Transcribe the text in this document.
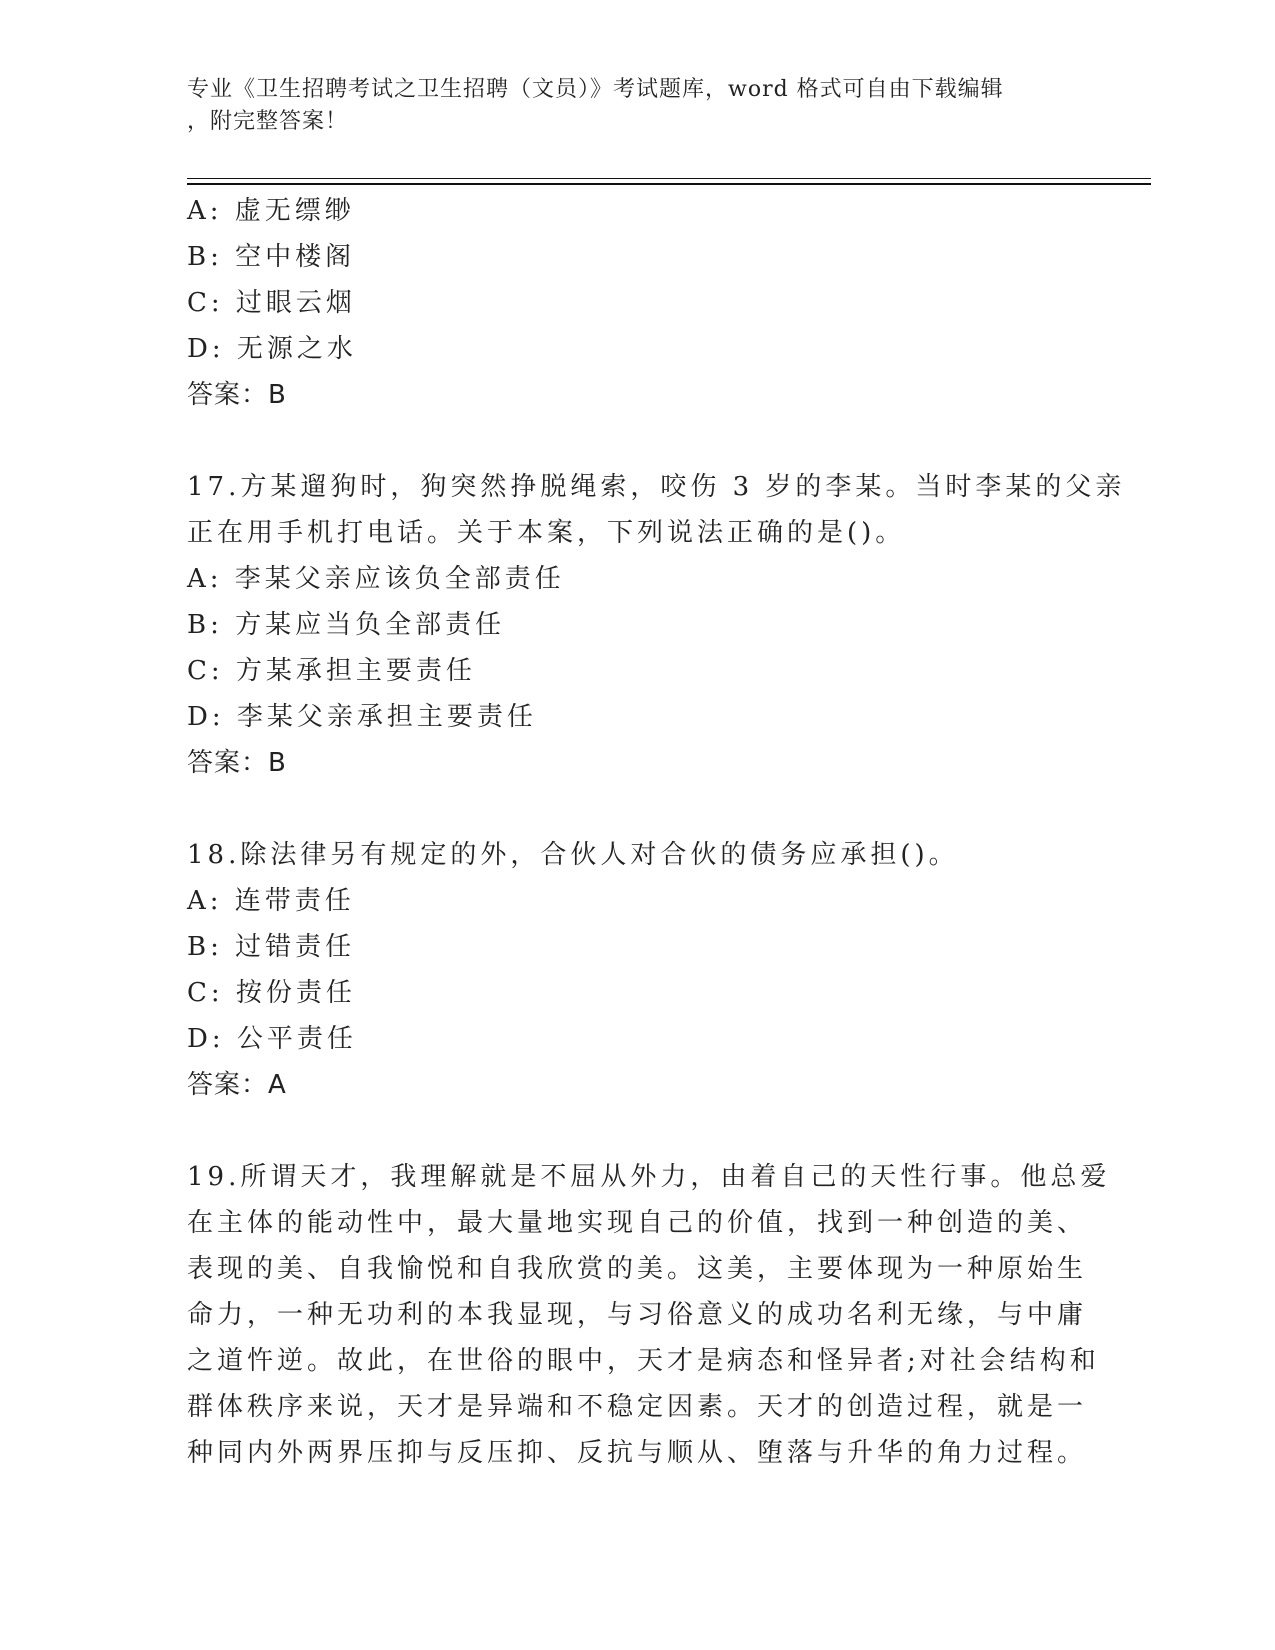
专业《卫生招聘考试之卫生招聘（文员）》考试题库，word 格式可自由下载编辑
，附完整答案！
A: 虚无缥缈
B: 空中楼阁
C: 过眼云烟
D: 无源之水
答案：B
17.方某遛狗时，狗突然挣脱绳索，咬伤 3 岁的李某。当时李某的父亲
正在用手机打电话。关于本案，下列说法正确的是()。
A: 李某父亲应该负全部责任
B: 方某应当负全部责任
C: 方某承担主要责任
D: 李某父亲承担主要责任
答案：B
18.除法律另有规定的外，合伙人对合伙的债务应承担()。
A: 连带责任
B: 过错责任
C: 按份责任
D: 公平责任
答案：A
19.所谓天才，我理解就是不屈从外力，由着自己的天性行事。他总爱
在主体的能动性中，最大量地实现自己的价值，找到一种创造的美、
表现的美、自我愉悦和自我欣赏的美。这美，主要体现为一种原始生
命力，一种无功利的本我显现，与习俗意义的成功名利无缘，与中庸
之道忤逆。故此，在世俗的眼中，天才是病态和怪异者;对社会结构和
群体秩序来说，天才是异端和不稳定因素。天才的创造过程，就是一
种同内外两界压抑与反压抑、反抗与顺从、堕落与升华的角力过程。
